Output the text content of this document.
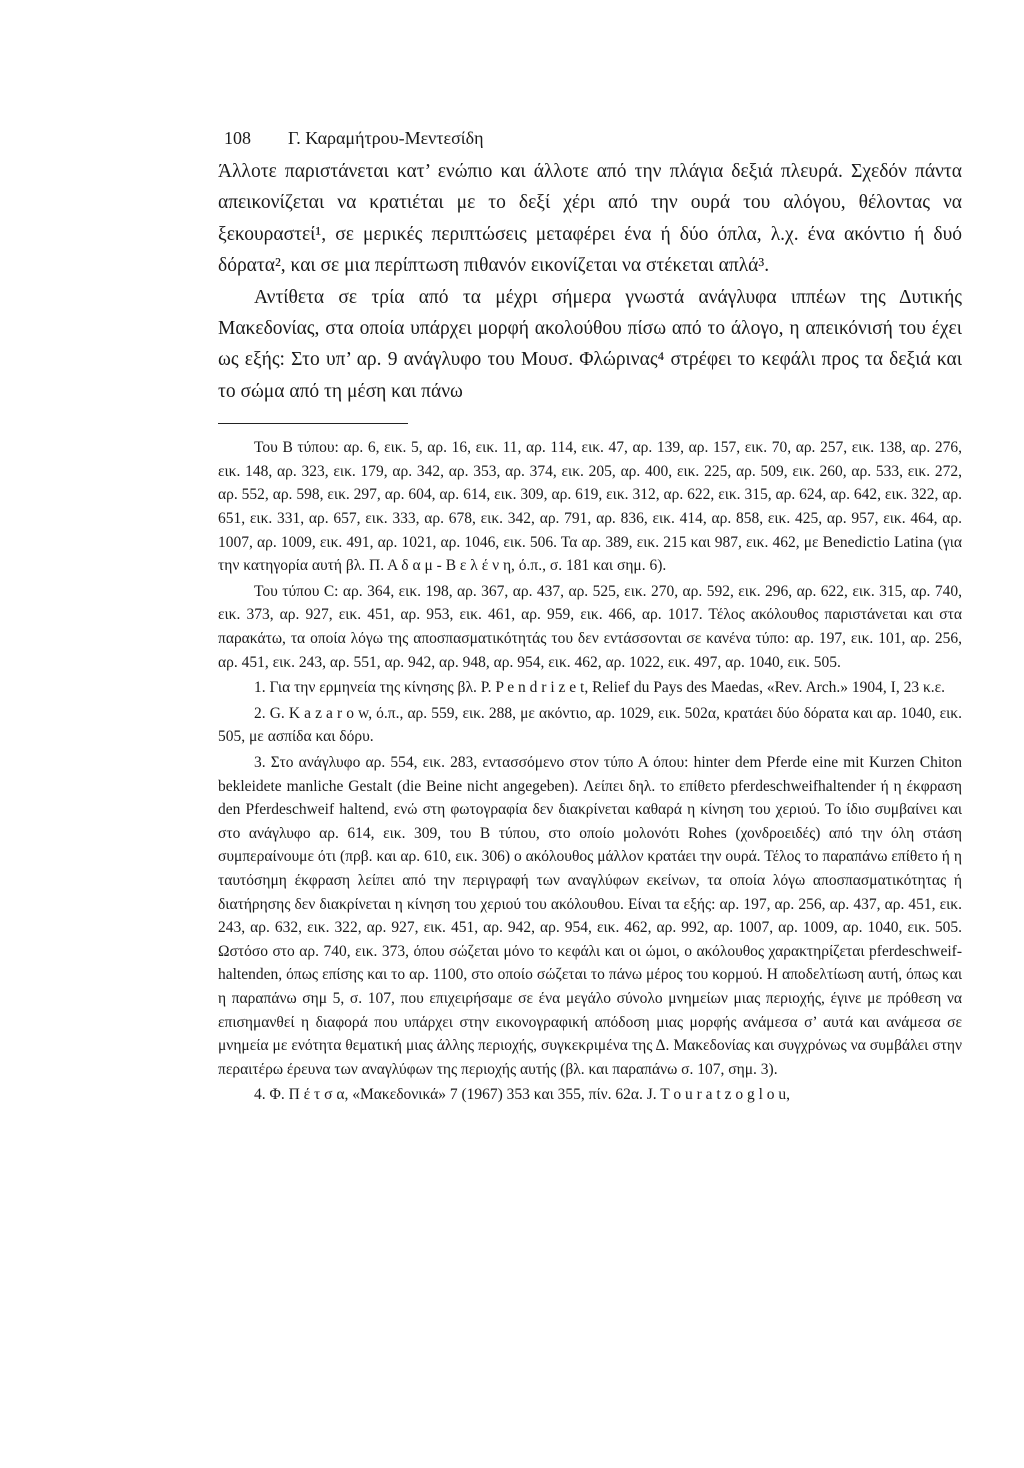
108 Γ. Καραμήτρου-Μεντεσίδη

Άλλοτε παριστάνεται κατ’ ενώπιο και άλλοτε από την πλάγια δεξιά πλευρά. Σχεδόν πάντα απεικονίζεται να κρατιέται με το δεξί χέρι από την ουρά του αλόγου, θέλοντας να ξεκουραστεί¹, σε μερικές περιπτώσεις μεταφέρει ένα ή δύο όπλα, λ.χ. ένα ακόντιο ή δυό δόρατα², και σε μια περίπτωση πιθανόν εικονίζεται να στέκεται απλά³.

Αντίθετα σε τρία από τα μέχρι σήμερα γνωστά ανάγλυφα ιππέων της Δυτικής Μακεδονίας, στα οποία υπάρχει μορφή ακολούθου πίσω από το άλογο, η απεικόνισή του έχει ως εξής: Στο υπ’ αρ. 9 ανάγλυφο του Μουσ. Φλώρινας⁴ στρέφει το κεφάλι προς τα δεξιά και το σώμα από τη μέση και πάνω

Του Β τύπου: αρ. 6, εικ. 5, αρ. 16, εικ. 11, αρ. 114, εικ. 47, αρ. 139, αρ. 157, εικ. 70, αρ. 257, εικ. 138, αρ. 276, εικ. 148, αρ. 323, εικ. 179, αρ. 342, αρ. 353, αρ. 374, εικ. 205, αρ. 400, εικ. 225, αρ. 509, εικ. 260, αρ. 533, εικ. 272, αρ. 552, αρ. 598, εικ. 297, αρ. 604, αρ. 614, εικ. 309, αρ. 619, εικ. 312, αρ. 622, εικ. 315, αρ. 624, αρ. 642, εικ. 322, αρ. 651, εικ. 331, αρ. 657, εικ. 333, αρ. 678, εικ. 342, αρ. 791, αρ. 836, εικ. 414, αρ. 858, εικ. 425, αρ. 957, εικ. 464, αρ. 1007, αρ. 1009, εικ. 491, αρ. 1021, αρ. 1046, εικ. 506. Τα αρ. 389, εικ. 215 και 987, εικ. 462, με Benedictio Latina (για την κατηγορία αυτή βλ. Π. Α δ α μ - Β ε λ έ ν η, ό.π., σ. 181 και σημ. 6).

Του τύπου C: αρ. 364, εικ. 198, αρ. 367, αρ. 437, αρ. 525, εικ. 270, αρ. 592, εικ. 296, αρ. 622, εικ. 315, αρ. 740, εικ. 373, αρ. 927, εικ. 451, αρ. 953, εικ. 461, αρ. 959, εικ. 466, αρ. 1017. Τέλος ακόλουθος παριστάνεται και στα παρακάτω, τα οποία λόγω της αποσπασματικότητάς του δεν εντάσσονται σε κανένα τύπο: αρ. 197, εικ. 101, αρ. 256, αρ. 451, εικ. 243, αρ. 551, αρ. 942, αρ. 948, αρ. 954, εικ. 462, αρ. 1022, εικ. 497, αρ. 1040, εικ. 505.

1. Για την ερμηνεία της κίνησης βλ. P. P e n d r i z e t, Relief du Pays des Maedas, «Rev. Arch.» 1904, I, 23 κ.ε.

2. G. K a z a r o w, ό.π., αρ. 559, εικ. 288, με ακόντιο, αρ. 1029, εικ. 502α, κρατάει δύο δόρατα και αρ. 1040, εικ. 505, με ασπίδα και δόρυ.

3. Στο ανάγλυφο αρ. 554, εικ. 283, εντασσόμενο στον τύπο Α όπου: hinter dem Pferde eine mit Kurzen Chiton bekleidete manliche Gestalt (die Beine nicht angegeben). Λείπει δηλ. το επίθετο pferdeschweifhaltender ή η έκφραση den Pferdeschweif haltend, ενώ στη φωτογραφία δεν διακρίνεται καθαρά η κίνηση του χεριού. Το ίδιο συμβαίνει και στο ανάγλυφο αρ. 614, εικ. 309, του Β τύπου, στο οποίο μολονότι Rohes (χονδροειδές) από την όλη στάση συμπεραίνουμε ότι (πρβ. και αρ. 610, εικ. 306) ο ακόλουθος μάλλον κρατάει την ουρά. Τέλος το παραπάνω επίθετο ή η ταυτόσημη έκφραση λείπει από την περιγραφή των αναγλύφων εκείνων, τα οποία λόγω αποσπασματικότητας ή διατήρησης δεν διακρίνεται η κίνηση του χεριού του ακόλουθου. Είναι τα εξής: αρ. 197, αρ. 256, αρ. 437, αρ. 451, εικ. 243, αρ. 632, εικ. 322, αρ. 927, εικ. 451, αρ. 942, αρ. 954, εικ. 462, αρ. 992, αρ. 1007, αρ. 1009, αρ. 1040, εικ. 505. Ωστόσο στο αρ. 740, εικ. 373, όπου σώζεται μόνο το κεφάλι και οι ώμοι, ο ακόλουθος χαρακτηρίζεται pferdeschweif-haltenden, όπως επίσης και το αρ. 1100, στο οποίο σώζεται το πάνω μέρος του κορμού. Η αποδελτίωση αυτή, όπως και η παραπάνω σημ 5, σ. 107, που επιχειρήσαμε σε ένα μεγάλο σύνολο μνημείων μιας περιοχής, έγινε με πρόθεση να επισημανθεί η διαφορά που υπάρχει στην εικονογραφική απόδοση μιας μορφής ανάμεσα σ’ αυτά και ανάμεσα σε μνημεία με ενότητα θεματική μιας άλλης περιοχής, συγκεκριμένα της Δ. Μακεδονίας και συγχρόνως να συμβάλει στην περαιτέρω έρευνα των αναγλύφων της περιοχής αυτής (βλ. και παραπάνω σ. 107, σημ. 3).

4. Φ. Π έ τ σ α, «Μακεδονικά» 7 (1967) 353 και 355, πίν. 62α. J. T o u r a t z o g l o u,
